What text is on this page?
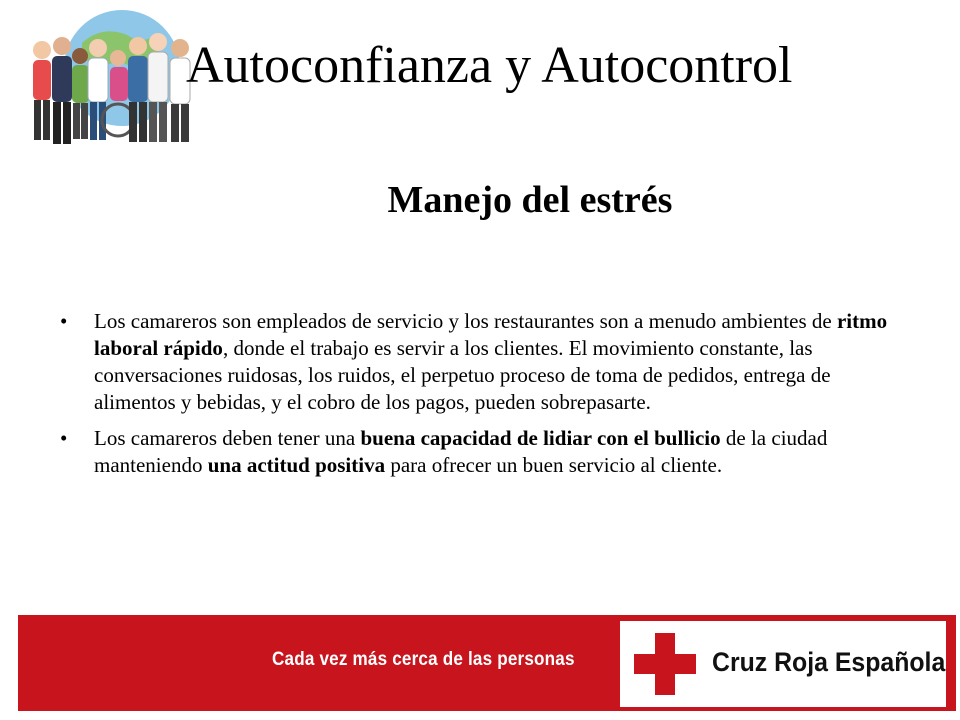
Autoconfianza y Autocontrol
Manejo del estrés
• Los camareros son empleados de servicio y los restaurantes son a menudo ambientes de ritmo laboral rápido, donde el trabajo es servir a los clientes. El movimiento constante, las conversaciones ruidosas, los ruidos, el perpetuo proceso de toma de pedidos, entrega de alimentos y bebidas, y el cobro de los pagos, pueden sobrepasarte.
• Los camareros deben tener una buena capacidad de lidiar con el bullicio de la ciudad manteniendo una actitud positiva para ofrecer un buen servicio al cliente.
Cada vez más cerca de las personas	Cruz Roja Española
